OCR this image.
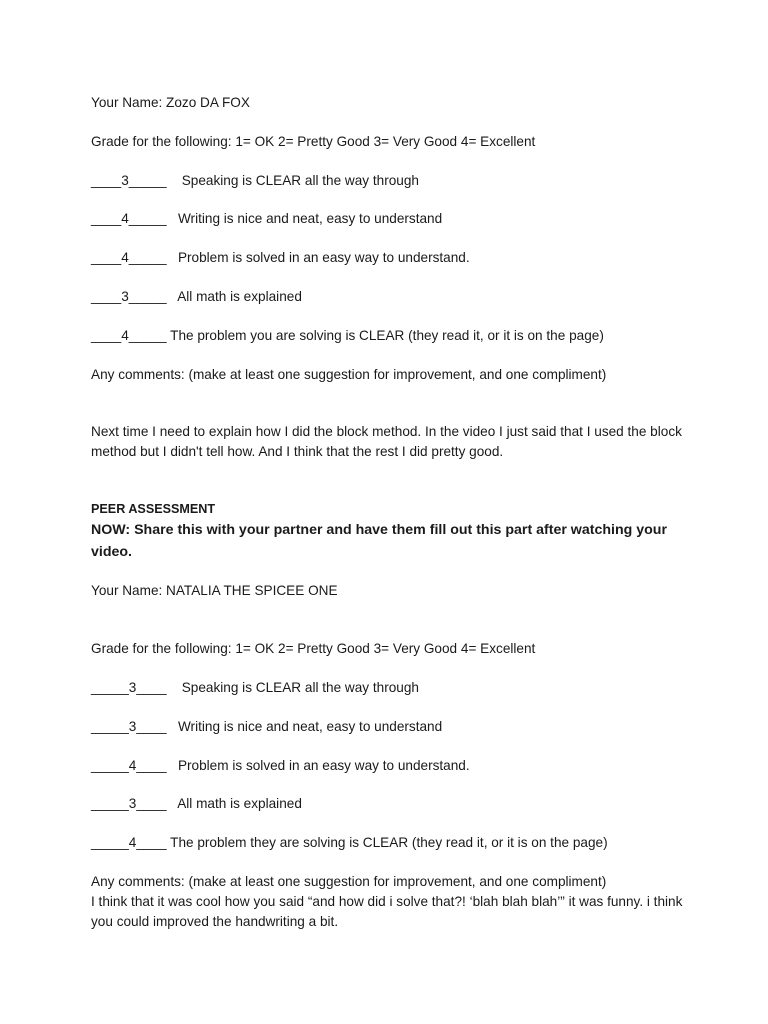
Your Name: Zozo DA FOX
Grade for the following: 1= OK 2= Pretty Good 3= Very Good 4= Excellent
____3_____ Speaking is CLEAR all the way through
____4_____ Writing is nice and neat, easy to understand
____4_____ Problem is solved in an easy way to understand.
____3_____ All math is explained
____4_____ The problem you are solving is CLEAR (they read it, or it is on the page)
Any comments: (make at least one suggestion for improvement, and one compliment)
Next time I need to explain how I did the block method. In the video I just said that I used the block method but I didn't tell how. And I think that the rest I did pretty good.
PEER ASSESSMENT
NOW: Share this with your partner and have them fill out this part after watching your video.
Your Name: NATALIA THE SPICEE ONE
Grade for the following: 1= OK 2= Pretty Good 3= Very Good 4= Excellent
_____3____ Speaking is CLEAR all the way through
_____3____ Writing is nice and neat, easy to understand
_____4____ Problem is solved in an easy way to understand.
_____3____ All math is explained
_____4____ The problem they are solving is CLEAR (they read it, or it is on the page)
Any comments: (make at least one suggestion for improvement, and one compliment)
I think that it was cool how you said “and how did i solve that?! ‘blah blah blah’” it was funny. i think you could improved the handwriting a bit.
